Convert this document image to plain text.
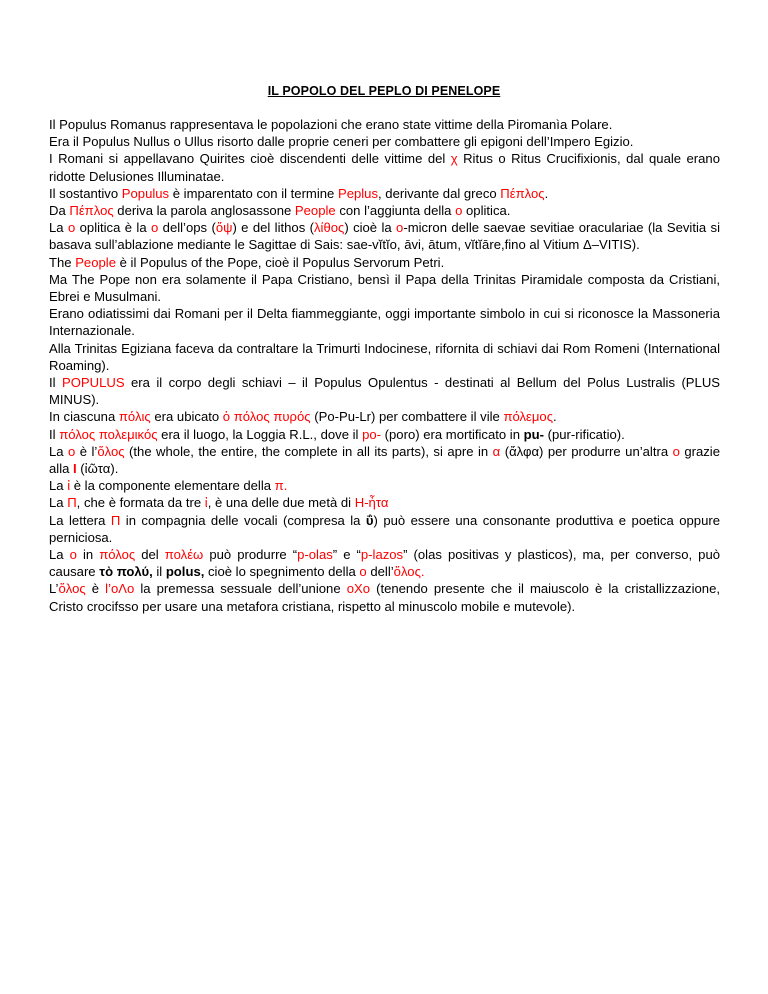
IL POPOLO DEL PEPLO DI PENELOPE

Il Populus Romanus rappresentava le popolazioni che erano state vittime della Piromanìa Polare.

Era il Populus Nullus o Ullus risorto dalle proprie ceneri per combattere gli epigoni dell’Impero Egizio.

I Romani si appellavano Quirites cioè discendenti delle vittime del χ Ritus o Ritus Crucifixionis, dal quale erano ridotte Delusiones Illuminatae.

Il sostantivo Populus è imparentato con il termine Peplus, derivante dal greco Πέπλος.

Da Πέπλος deriva la parola anglosassone People con l’aggiunta della o oplitica.

La o oplitica è la o dell’ops (ὄψ) e del lithos (λίθος) cioè la o-micron delle saevae sevitiae oraculariae (la Sevitia si basava sull’ablazione mediante le Sagittae di Sais: sae-vĭtĭo, āvi, ātum, vĭtĭāre,fino al Vitium Δ–VITIS).

The People è il Populus of the Pope, cioè il Populus Servorum Petri.

Ma The Pope non era solamente il Papa Cristiano, bensì il Papa della Trinitas Piramidale composta da Cristiani, Ebrei e Musulmani.

Erano odiatissimi dai Romani per il Delta fiammeggiante, oggi importante simbolo in cui si riconosce la Massoneria Internazionale.

Alla Trinitas Egiziana faceva da contraltare la Trimurti Indocinese, rifornita di schiavi dai Rom Romeni (International Roaming).

Il POPULUS era il corpo degli schiavi – il Populus Opulentus - destinati al Bellum del Polus Lustralis (PLUS MINUS).

In ciascuna πόλις era ubicato ὁ πόλος πυρός (Po-Pu-Lr) per combattere il vile πόλεμος.

Il πόλος πολεμικός era il luogo, la Loggia R.L., dove il po- (poro) era mortificato in pu- (pur-rificatio).

La o è l’ὅλος (the whole, the entire, the complete in all its parts), si apre in α (ἄλφα) per produrre un’altra o grazie alla I (ἰῶτα).

La ἰ è la componente elementare della π.

La Π, che è formata da tre ἰ, è una delle due metà di Η-ἦτα

La lettera Π in compagnia delle vocali (compresa la ΰ) può essere una consonante produttiva e poetica oppure perniciosa.

La o in πόλος del πολέω può produrre “p-olas” e “p-lazos” (olas positivas y plasticos), ma, per converso, può causare τὸ πολύ, il polus, cioè lo spegnimento della o dell’ὅλος.

L’ὅλος è l’oΛo la premessa sessuale dell’unione oXo (tenendo presente che il maiuscolo è la cristallizzazione, Cristo crocifsso per usare una metafora cristiana, rispetto al minuscolo mobile e mutevole).
